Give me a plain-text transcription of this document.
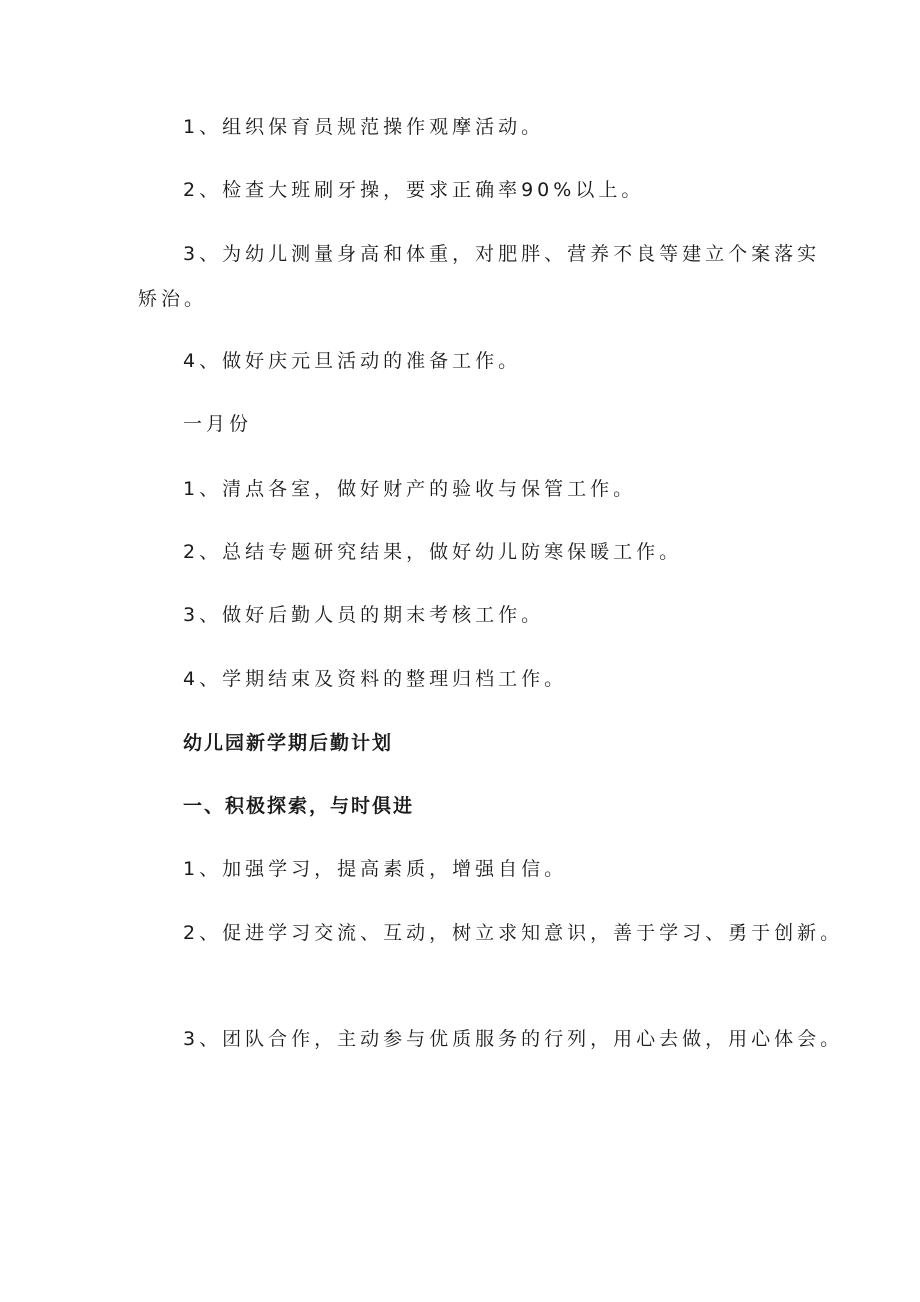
1、组织保育员规范操作观摩活动。
2、检查大班刷牙操，要求正确率90%以上。
3、为幼儿测量身高和体重，对肥胖、营养不良等建立个案落实
矫治。
4、做好庆元旦活动的准备工作。
一月份
1、清点各室，做好财产的验收与保管工作。
2、总结专题研究结果，做好幼儿防寒保暖工作。
3、做好后勤人员的期末考核工作。
4、学期结束及资料的整理归档工作。
幼儿园新学期后勤计划
一、积极探索，与时俱进
1、加强学习，提高素质，增强自信。
2、促进学习交流、互动，树立求知意识，善于学习、勇于创新。
3、团队合作，主动参与优质服务的行列，用心去做，用心体会。
